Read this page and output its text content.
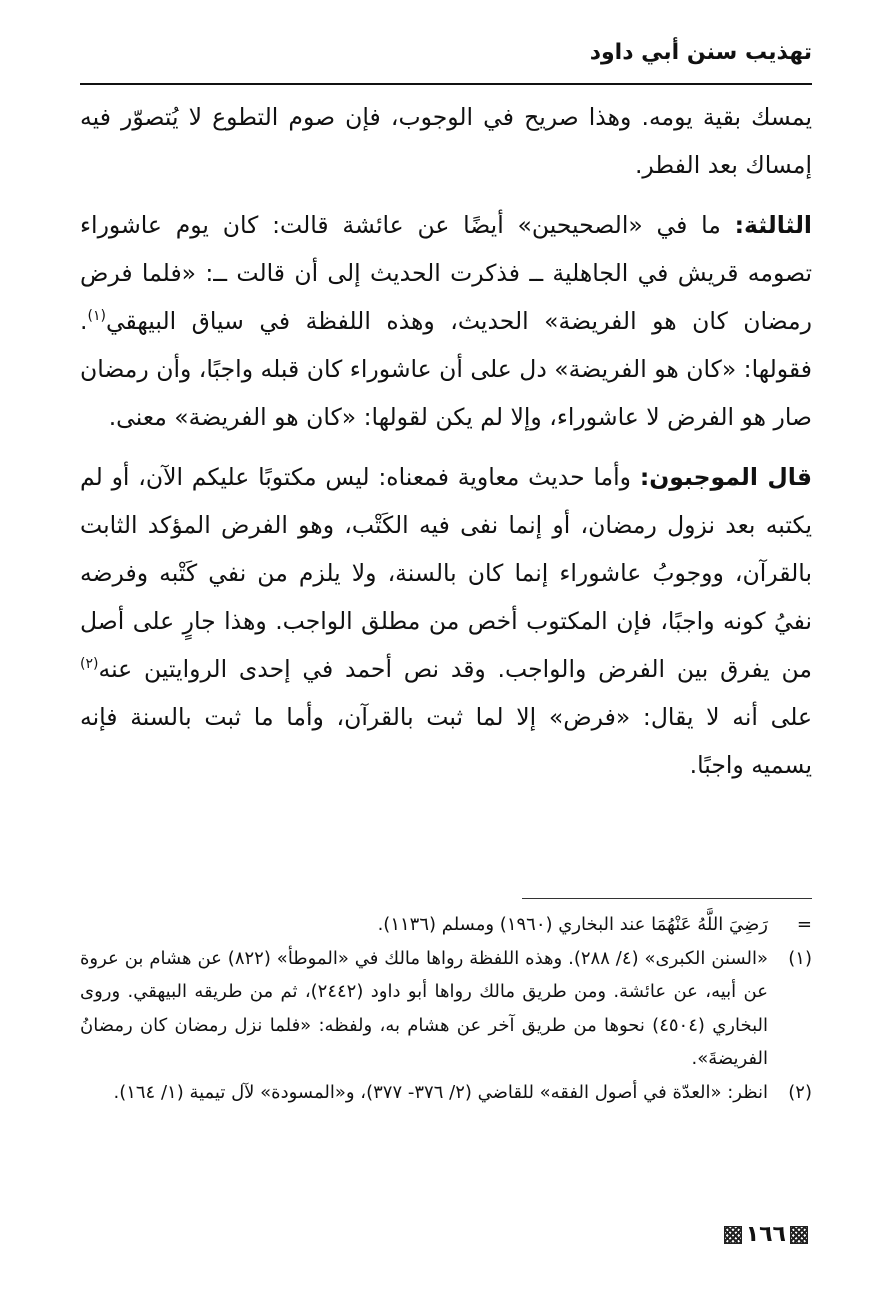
تهذيب سنن أبي داود

يمسك بقية يومه. وهذا صريح في الوجوب، فإن صوم التطوع لا يُتصوّر فيه إمساك بعد الفطر.

الثالثة: ما في «الصحيحين» أيضًا عن عائشة قالت: كان يوم عاشوراء تصومه قريش في الجاهلية ــ فذكرت الحديث إلى أن قالت ــ: «فلما فرض رمضان كان هو الفريضة» الحديث، وهذه اللفظة في سياق البيهقي$^{(١)}$. فقولها: «كان هو الفريضة» دل على أن عاشوراء كان قبله واجبًا، وأن رمضان صار هو الفرض لا عاشوراء، وإلا لم يكن لقولها: «كان هو الفريضة» معنى.

قال الموجبون: وأما حديث معاوية فمعناه: ليس مكتوبًا عليكم الآن، أو لم يكتبه بعد نزول رمضان، أو إنما نفى فيه الكَتْب، وهو الفرض المؤكد الثابت بالقرآن، ووجوبُ عاشوراء إنما كان بالسنة، ولا يلزم من نفي كَتْبه وفرضه نفيُ كونه واجبًا، فإن المكتوب أخص من مطلق الواجب. وهذا جارٍ على أصل من يفرق بين الفرض والواجب. وقد نص أحمد في إحدى الروايتين عنه$^{(٢)}$ على أنه لا يقال: «فرض» إلا لما ثبت بالقرآن، وأما ما ثبت بالسنة فإنه يسميه واجبًا.

=
رَضِيَ اللَّهُ عَنْهُمَا عند البخاري (١٩٦٠) ومسلم (١١٣٦).
(١)
«السنن الكبرى» (٤/ ٢٨٨). وهذه اللفظة رواها مالك في «الموطأ» (٨٢٢) عن هشام بن عروة عن أبيه، عن عائشة. ومن طريق مالك رواها أبو داود (٢٤٤٢)، ثم من طريقه البيهقي. وروى البخاري (٤٥٠٤) نحوها من طريق آخر عن هشام به، ولفظه: «فلما نزل رمضان كان رمضانُ الفريضةَ».
(٢)
انظر: «العدّة في أصول الفقه» للقاضي (٢/ ٣٧٦- ٣٧٧)، و«المسودة» لآل تيمية (١/ ١٦٤).
١٦٦
